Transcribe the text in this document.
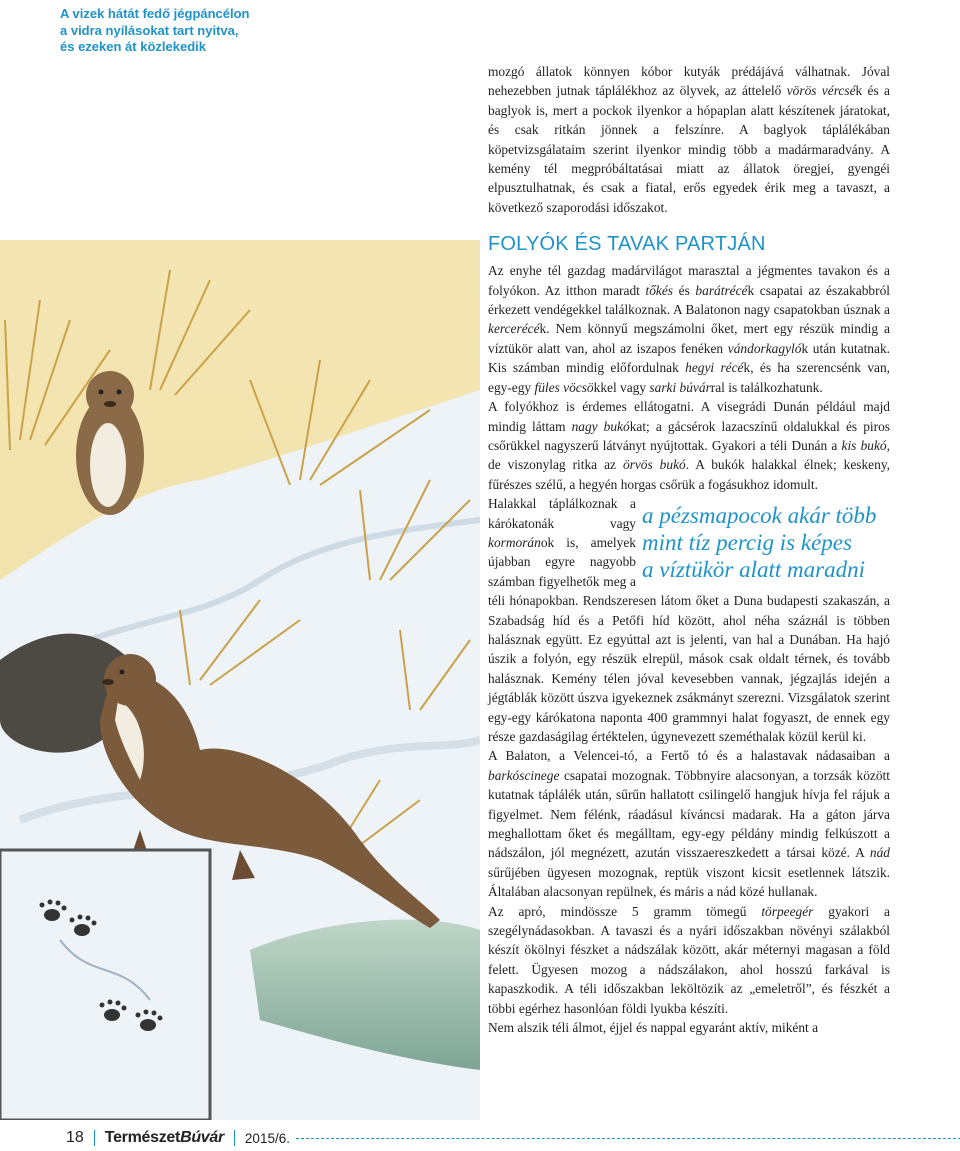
A vizek hátát fedő jégpáncélon
a vidra nyílásokat tart nyitva,
és ezeken át közlekedik

mozgó állatok könnyen kóbor kutyák prédájává válhatnak. Jóval nehezebben jutnak táplálékhoz az ölyvek, az áttelelő vörös vércsék és a baglyok is, mert a pockok ilyenkor a hópaplan alatt készítenek járatokat, és csak ritkán jönnek a felszínre. A baglyok táplálékában köpetvizsgálataim szerint ilyenkor mindig több a madármaradvány. A kemény tél megpróbáltatásai miatt az állatok öregjei, gyengéi elpusztulhatnak, és csak a fiatal, erős egyedek érik meg a tavaszt, a következő szaporodási időszakot.

FOLYÓK ÉS TAVAK PARTJÁN

Az enyhe tél gazdag madárvilágot marasztal a jégmentes tavakon és a folyókon. Az itthon maradt tőkés és barátrécék csapatai az északabbról érkezett vendégekkel találkoznak. A Balatonon nagy csapatokban úsznak a kercerécék. Nem könnyű megszámolni őket, mert egy részük mindig a víztükör alatt van, ahol az iszapos fenéken vándorkagylók után kutatnak. Kis számban mindig előfordulnak hegyi récék, és ha szerencsénk van, egy-egy füles vöcsökkel vagy sarki búvárral is találkozhatunk.

A folyókhoz is érdemes ellátogatni. A visegrádi Dunán például majd mindig láttam nagy bukókat; a gácsérok lazacszínű oldalukkal és piros csőrükkel nagyszerű látványt nyújtottak. Gyakori a téli Dunán a kis bukó, de viszonylag ritka az örvös bukó. A bukók halakkal élnek; keskeny, fűrészes szélű, a hegyén horgas csőrük a fogásukhoz idomult.

a pézsmapocok akár több
mint tíz percig is képes
a víztükör alatt maradni

Halakkal táplálkoznak a kárókatonák vagy kormoránok is, amelyek újabban egyre nagyobb számban figyelhetők meg a téli hónapokban. Rendszeresen látom őket a Duna budapesti szakaszán, a Szabadság híd és a Petőfi híd között, ahol néha százнál is többen halásznak együtt. Ez egyúttal azt is jelenti, van hal a Dunában. Ha hajó úszik a folyón, egy részük elrepül, mások csak oldalt térnek, és tovább halásznak. Kemény télen jóval kevesebben vannak, jégzajlás idején a jégtáblák között úszva igyekeznek zsákmányt szerezni. Vizsgálatok szerint egy-egy kárókatona naponta 400 grammnyi halat fogyaszt, de ennek egy része gazdaságilag értéktelen, úgynevezett szeméthalak közül kerül ki.

A Balaton, a Velencei-tó, a Fertő tó és a halastavak nádasaiban a barkóscinege csapatai mozognak. Többnyire alacsonyan, a torzsák között kutatnak táplálék után, sűrűn hallatott csilingelő hangjuk hívja fel rájuk a figyelmet. Nem félénk, ráadásul kíváncsi madarak. Ha a gáton járva meghallottam őket és megálltam, egy-egy példány mindig felkúszott a nádszálon, jól megnézett, azután visszaereszkedett a társai közé. A nád sűrűjében ügyesen mozognak, reptük viszont kicsit esetlennek látszik. Általában alacsonyan repülnek, és máris a nád közé hullanak.

Az apró, mindössze 5 gramm tömegű törpeegér gyakori a szegélynádasokban. A tavaszi és a nyári időszakban növényi szálakból készít ökölnyi fészket a nádszálak között, akár méternyi magasan a föld felett. Ügyesen mozog a nádszálakon, ahol hosszú farkával is kapaszkodik. A téli időszakban leköltözik az „emeletről”, és fészkét a többi egérhez hasonlóan földi lyukba készíti.

Nem alszik téli álmot, éjjel és nappal egyaránt aktív, miként a

18 TermészetBúvár 2015/6.
